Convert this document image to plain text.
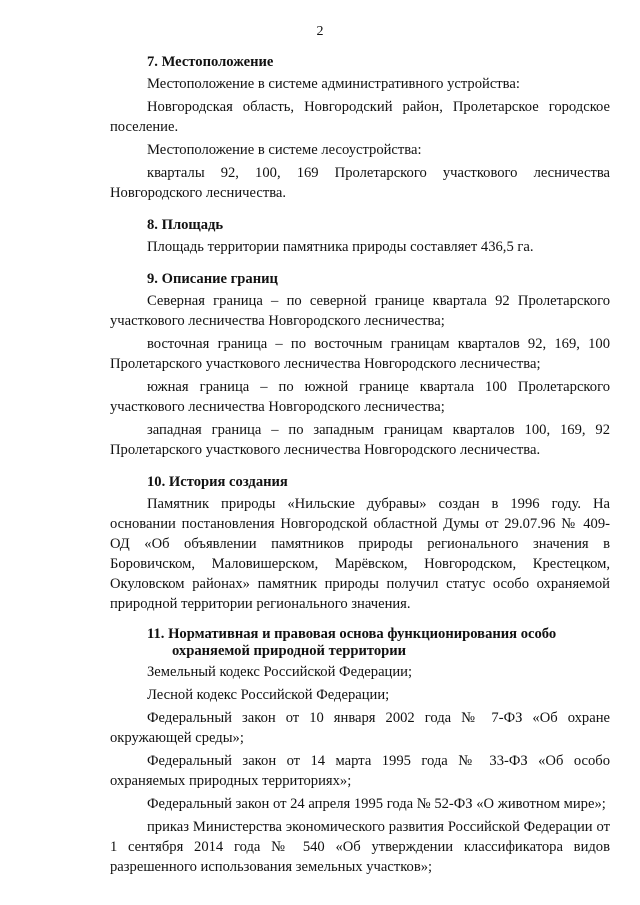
2
7. Местоположение

Местоположение в системе административного устройства:

Новгородская область, Новгородский район, Пролетарское городское поселение.

Местоположение в системе лесоустройства:

кварталы 92, 100, 169 Пролетарского участкового лесничества Новгородского лесничества.

8. Площадь

Площадь территории памятника природы составляет 436,5 га.

9. Описание границ

Северная граница – по северной границе квартала 92 Пролетарского участкового лесничества Новгородского лесничества;

восточная граница – по восточным границам кварталов 92, 169, 100 Пролетарского участкового лесничества Новгородского лесничества;

южная граница – по южной границе квартала 100 Пролетарского участкового лесничества Новгородского лесничества;

западная граница – по западным границам кварталов 100, 169, 92 Пролетарского участкового лесничества Новгородского лесничества.

10. История создания

Памятник природы «Нильские дубравы» создан в 1996 году. На основании постановления Новгородской областной Думы от 29.07.96 № 409-ОД «Об объявлении памятников природы регионального значения в Боровичском, Маловишерском, Марёвском, Новгородском, Крестецком, Окуловском районах» памятник природы получил статус особо охраняемой природной территории регионального значения.

11. Нормативная и правовая основа функционирования особо
охраняемой природной территории

Земельный кодекс Российской Федерации;

Лесной кодекс Российской Федерации;

Федеральный закон от 10 января 2002 года № 7-ФЗ «Об охране окружающей среды»;

Федеральный закон от 14 марта 1995 года № 33-ФЗ «Об особо охраняемых природных территориях»;

Федеральный закон от 24 апреля 1995 года № 52-ФЗ «О животном мире»;

приказ Министерства экономического развития Российской Федерации от 1 сентября 2014 года № 540 «Об утверждении классификатора видов разрешенного использования земельных участков»;
